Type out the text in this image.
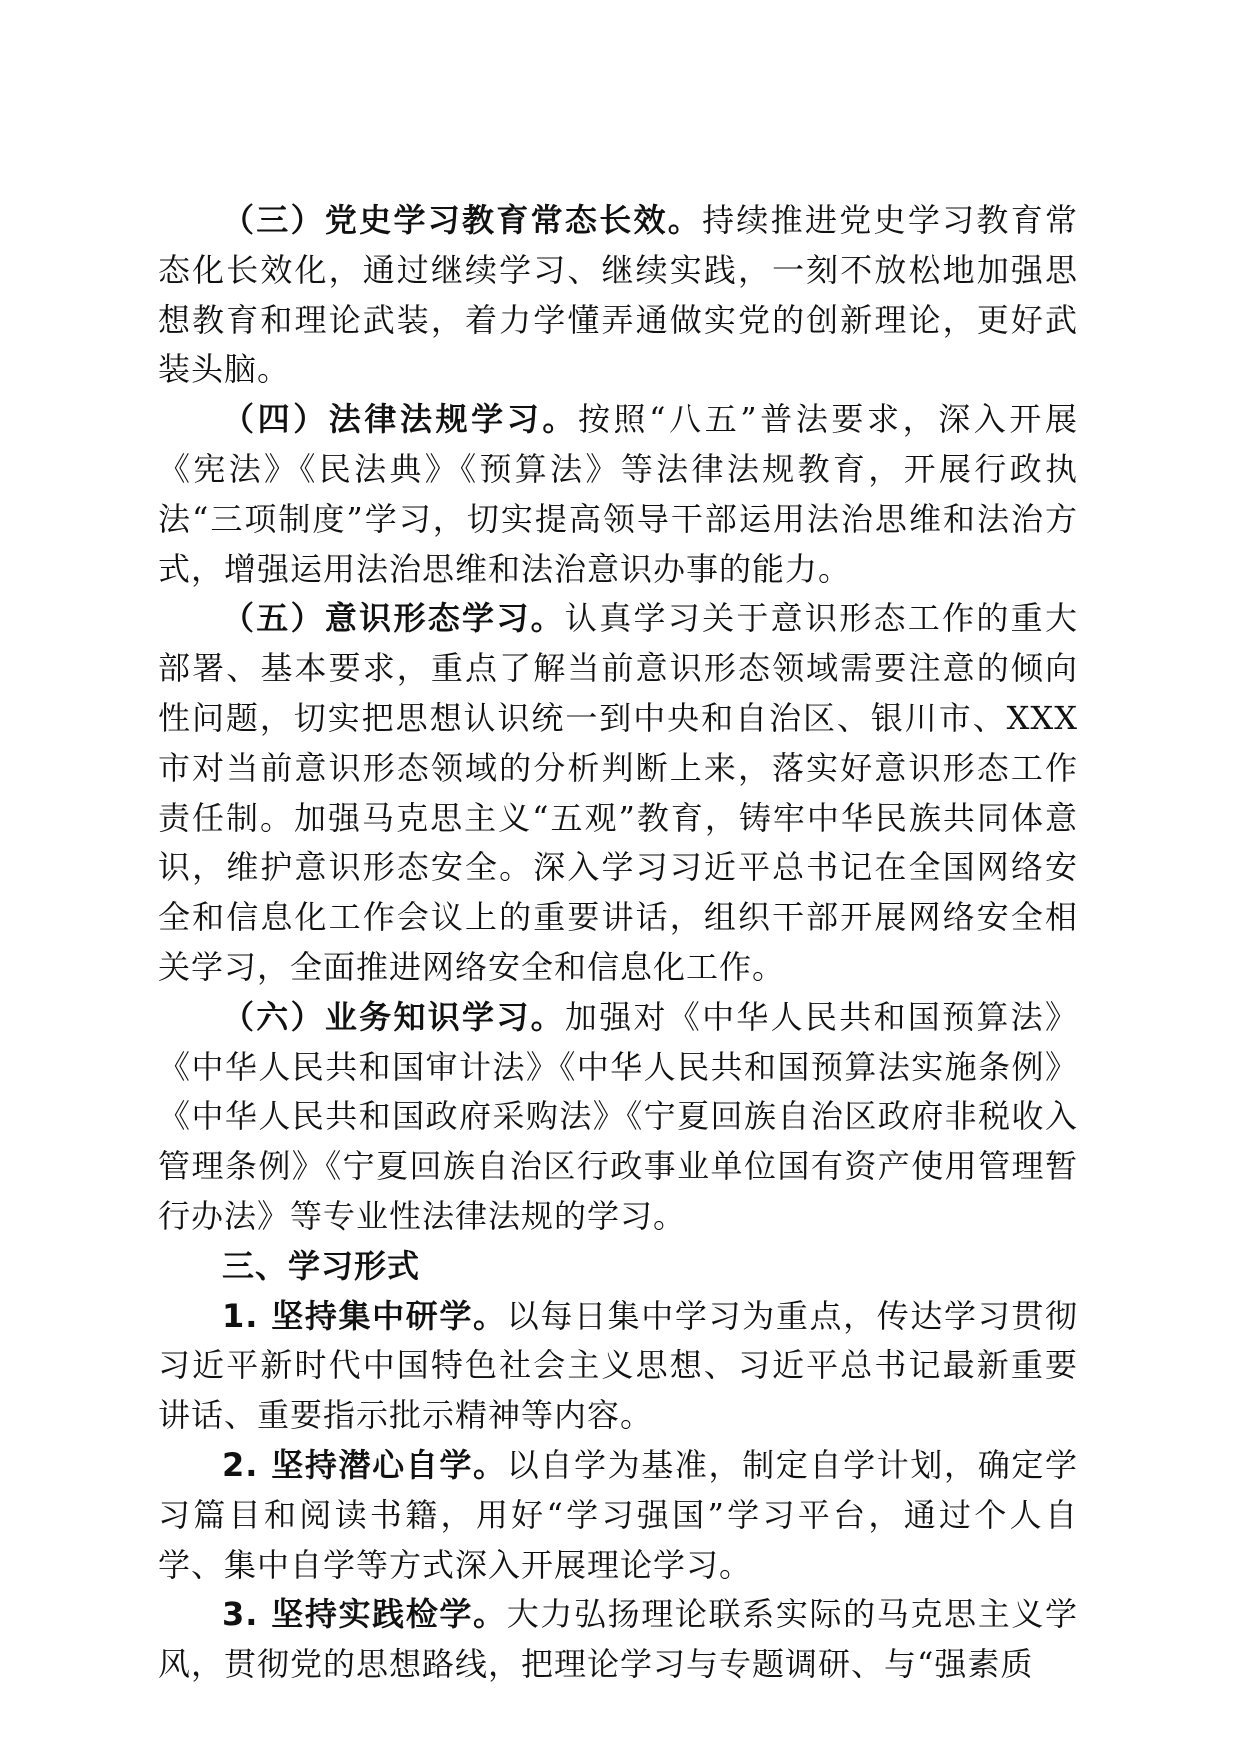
（三）党史学习教育常态长效。持续推进党史学习教育常态化长效化，通过继续学习、继续实践，一刻不放松地加强思想教育和理论武装，着力学懂弄通做实党的创新理论，更好武装头脑。

（四）法律法规学习。按照“八五”普法要求，深入开展《宪法》《民法典》《预算法》等法律法规教育，开展行政执法“三项制度”学习，切实提高领导干部运用法治思维和法治方式，增强运用法治思维和法治意识办事的能力。

（五）意识形态学习。认真学习关于意识形态工作的重大部署、基本要求，重点了解当前意识形态领域需要注意的倾向性问题，切实把思想认识统一到中央和自治区、银川市、XXX市对当前意识形态领域的分析判断上来，落实好意识形态工作责任制。加强马克思主义“五观”教育，铸牢中华民族共同体意识，维护意识形态安全。深入学习习近平总书记在全国网络安全和信息化工作会议上的重要讲话，组织干部开展网络安全相关学习，全面推进网络安全和信息化工作。

（六）业务知识学习。加强对《中华人民共和国预算法》《中华人民共和国审计法》《中华人民共和国预算法实施条例》《中华人民共和国政府采购法》《宁夏回族自治区政府非税收入管理条例》《宁夏回族自治区行政事业单位国有资产使用管理暂行办法》等专业性法律法规的学习。

三、学习形式

1. 坚持集中研学。以每日集中学习为重点，传达学习贯彻习近平新时代中国特色社会主义思想、习近平总书记最新重要讲话、重要指示批示精神等内容。

2. 坚持潜心自学。以自学为基准，制定自学计划，确定学习篇目和阅读书籍，用好“学习强国”学习平台，通过个人自学、集中自学等方式深入开展理论学习。

3. 坚持实践检学。大力弘扬理论联系实际的马克思主义学风，贯彻党的思想路线，把理论学习与专题调研、与“强素质
